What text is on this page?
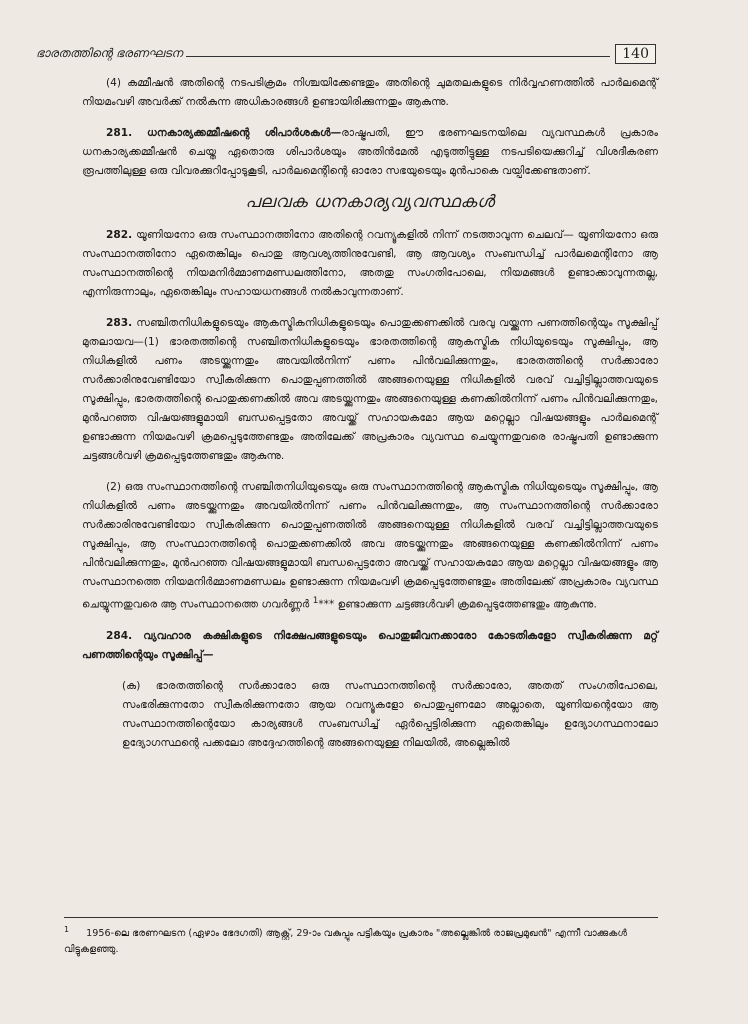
ഭാരതത്തിന്റെ ഭരണഘടന	140

(4) കമ്മീഷൻ അതിന്റെ നടപടിക്രമം നിശ്ചയിക്കേണ്ടതും അതിന്റെ ചുമതലകളുടെ നിർവ്വഹണത്തിൽ പാർലമെന്റ് നിയമംവഴി അവർക്ക് നൽകുന്ന അധികാരങ്ങൾ ഉണ്ടായിരിക്കുന്നതും ആകുന്നു.

281. ധനകാര്യക്കമ്മീഷന്റെ ശിപാർശകൾ—രാഷ്ട്രപതി, ഈ ഭരണഘടനയിലെ വ്യവസ്ഥകൾ പ്രകാരം ധനകാര്യക്കമ്മീഷൻ ചെയ്ത ഏതൊരു ശിപാർശയും അതിൻമേൽ എടുത്തിട്ടുള്ള നടപടിയെക്കുറിച്ച് വിശദീകരണ രൂപത്തിലുള്ള ഒരു വിവരക്കുറിപ്പോടുകൂടി, പാർലമെന്റിന്റെ ഓരോ സഭയുടെയും മുൻപാകെ വയ്പിക്കേണ്ടതാണ്.

പലവക ധനകാര്യവ്യവസ്ഥകൾ

282. യൂണിയനോ ഒരു സംസ്ഥാനത്തിനോ അതിന്റെ റവന്യൂകളിൽ നിന്ന് നടത്താവുന്ന ചെലവ്— യൂണിയനോ ഒരു സംസ്ഥാനത്തിനോ ഏതെങ്കിലും പൊതു ആവശ്യത്തിനുവേണ്ടി, ആ ആവശ്യം സംബന്ധിച്ച് പാർലമെന്റിനോ ആ സംസ്ഥാനത്തിന്റെ നിയമനിർമ്മാണമണ്ഡലത്തിനോ, അതതു സംഗതിപോലെ, നിയമങ്ങൾ ഉണ്ടാക്കാവുന്നതല്ല, എന്നിരുന്നാലും, ഏതെങ്കിലും സഹായധനങ്ങൾ നൽകാവുന്നതാണ്.

283. സഞ്ചിതനിധികളുടെയും ആകസ്മികനിധികളുടെയും പൊതുക്കണക്കിൽ വരവു വയ്ക്കുന്ന പണത്തിന്റെയും സൂക്ഷിപ്പ് മുതലായവ—(1) ഭാരതത്തിന്റെ സഞ്ചിതനിധികളുടെയും ഭാരതത്തിന്റെ ആകസ്മിക നിധിയുടെയും സൂക്ഷിപ്പും, ആ നിധികളിൽ പണം അടയ്ക്കുന്നതും അവയിൽനിന്ന് പണം പിൻവലിക്കുന്നതും, ഭാരതത്തിന്റെ സർക്കാരോ സർക്കാരിനുവേണ്ടിയോ സ്വീകരിക്കുന്ന പൊതുപ്പണത്തിൽ അങ്ങനെയുള്ള നിധികളിൽ വരവ് വച്ചിട്ടില്ലാത്തവയുടെ സൂക്ഷിപ്പും, ഭാരതത്തിന്റെ പൊതുക്കണക്കിൽ അവ അടയ്ക്കുന്നതും അങ്ങനെയുള്ള കണക്കിൽനിന്ന് പണം പിൻവലിക്കുന്നതും, മുൻപറഞ്ഞ വിഷയങ്ങളുമായി ബന്ധപ്പെട്ടതോ അവയ്ക്ക് സഹായകമോ ആയ മറ്റെല്ലാ വിഷയങ്ങളും പാർലമെന്റ് ഉണ്ടാക്കുന്ന നിയമംവഴി ക്രമപ്പെടുത്തേണ്ടതും അതിലേക്ക് അപ്രകാരം വ്യവസ്ഥ ചെയ്യുന്നതുവരെ രാഷ്ട്രപതി ഉണ്ടാക്കുന്ന ചട്ടങ്ങൾവഴി ക്രമപ്പെടുത്തേണ്ടതും ആകുന്നു.

(2) ഒരു സംസ്ഥാനത്തിന്റെ സഞ്ചിതനിധിയുടെയും ഒരു സംസ്ഥാനത്തിന്റെ ആകസ്മിക നിധിയുടെയും സൂക്ഷിപ്പും, ആ നിധികളിൽ പണം അടയ്ക്കുന്നതും അവയിൽനിന്ന് പണം പിൻവലിക്കുന്നതും, ആ സംസ്ഥാനത്തിന്റെ സർക്കാരോ സർക്കാരിനുവേണ്ടിയോ സ്വീകരിക്കുന്ന പൊതുപ്പണത്തിൽ അങ്ങനെയുള്ള നിധികളിൽ വരവ് വച്ചിട്ടില്ലാത്തവയുടെ സൂക്ഷിപ്പും, ആ സംസ്ഥാനത്തിന്റെ പൊതുക്കണക്കിൽ അവ അടയ്ക്കുന്നതും അങ്ങനെയുള്ള കണക്കിൽനിന്ന് പണം പിൻവലിക്കുന്നതും, മുൻപറഞ്ഞ വിഷയങ്ങളുമായി ബന്ധപ്പെട്ടതോ അവയ്ക്ക് സഹായകമോ ആയ മറ്റെല്ലാ വിഷയങ്ങളും ആ സംസ്ഥാനത്തെ നിയമനിർമ്മാണമണ്ഡലം ഉണ്ടാക്കുന്ന നിയമംവഴി ക്രമപ്പെടുത്തേണ്ടതും അതിലേക്ക് അപ്രകാരം വ്യവസ്ഥ ചെയ്യുന്നതുവരെ ആ സംസ്ഥാനത്തെ ഗവർണ്ണർ $^1$*** ഉണ്ടാക്കുന്ന ചട്ടങ്ങൾവഴി ക്രമപ്പെടുത്തേണ്ടതും ആകുന്നു.

284. വ്യവഹാര കക്ഷികളുടെ നിക്ഷേപങ്ങളുടെയും പൊതുജീവനക്കാരോ കോടതികളോ സ്വീകരിക്കുന്ന മറ്റ് പണത്തിന്റെയും സൂക്ഷിപ്പ്—

(ക) ഭാരതത്തിന്റെ സർക്കാരോ ഒരു സംസ്ഥാനത്തിന്റെ സർക്കാരോ, അതത് സംഗതിപോലെ, സംഭരിക്കുന്നതോ സ്വീകരിക്കുന്നതോ ആയ റവന്യൂകളോ പൊതുപ്പണമോ അല്ലാതെ, യൂണിയന്റെയോ ആ സംസ്ഥാനത്തിന്റെയോ കാര്യങ്ങൾ സംബന്ധിച്ച് ഏർപ്പെട്ടിരിക്കുന്ന ഏതെങ്കിലും ഉദ്യോഗസ്ഥനാലോ ഉദ്യോഗസ്ഥന്റെ പക്കലോ അദ്ദേഹത്തിന്റെ അങ്ങനെയുള്ള നിലയിൽ, അല്ലെങ്കിൽ

$^1$ 1956-ലെ ഭരണഘടന (ഏഴാം ഭേദഗതി) ആക്റ്റ്, 29-ാം വകുപ്പും പട്ടികയും പ്രകാരം "അല്ലെങ്കിൽ രാജപ്രമുഖൻ" എന്നീ വാക്കുകൾ വിട്ടുകളഞ്ഞു.
